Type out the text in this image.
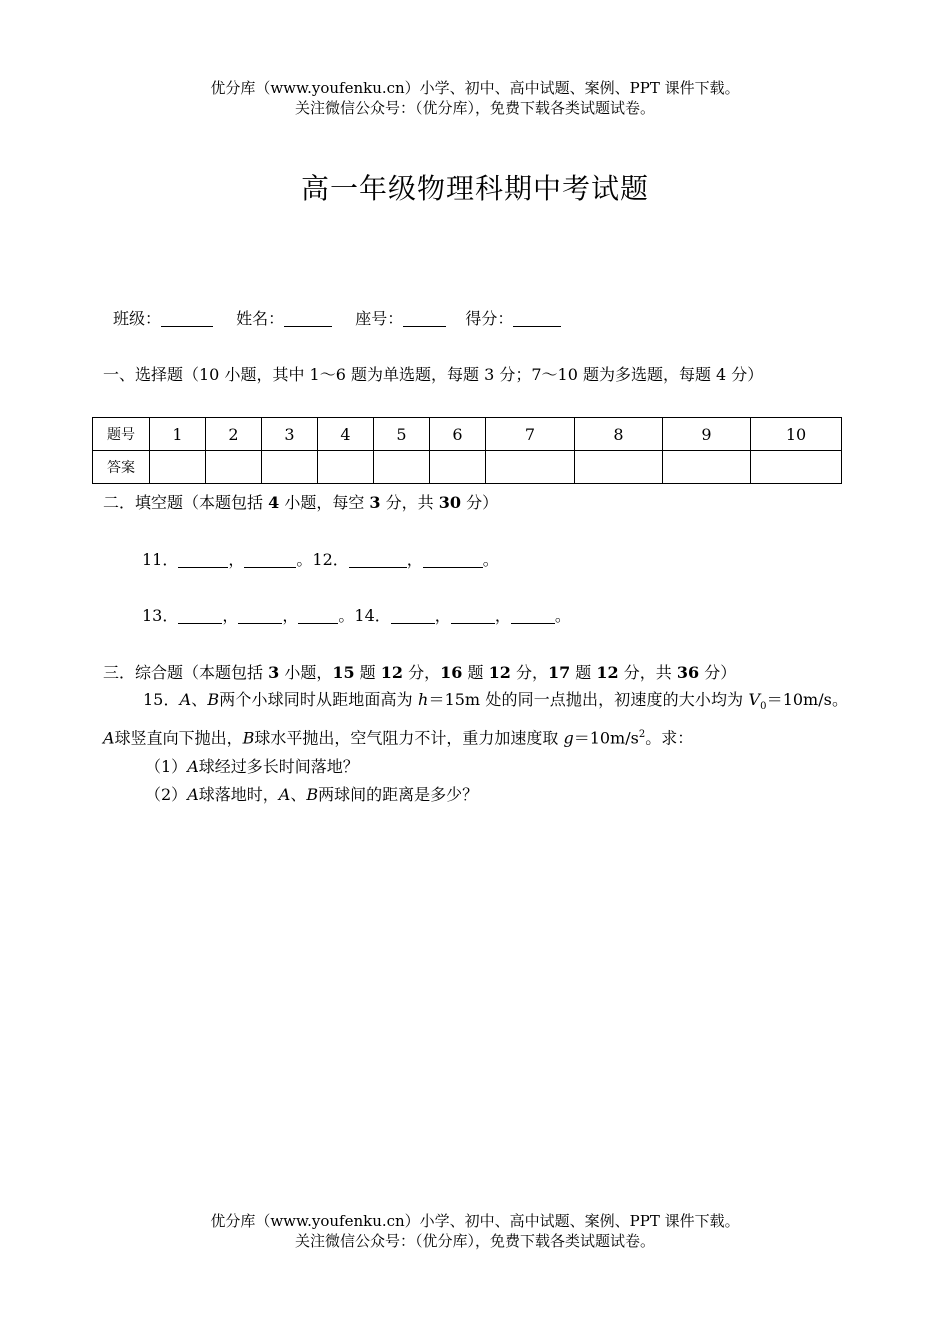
优分库（www.youfenku.cn）小学、初中、高中试题、案例、PPT 课件下载。
关注微信公众号：（优分库），免费下载各类试题试卷。
高一年级物理科期中考试题
班级：	姓名：	座号：	得分：
一、选择题（10 小题，其中 1～6 题为单选题，每题 3 分；7～10 题为多选题，每题 4 分）
题号	1	2	3	4	5	6	7	8	9	10
答案										
二．填空题（本题包括 4 小题，每空 3 分，共 30 分）
11．	，	。12．	，	。
13．	，	，	。14．	，	，	。
三．综合题（本题包括 3 小题，15 题 12 分，16 题 12 分，17 题 12 分，共 36 分）

15．A、B两个小球同时从距地面高为 h＝15m 处的同一点抛出，初速度的大小均为 $V_0=10m/s$。A球竖直向下抛出，B球水平抛出，空气阻力不计，重力加速度取 $g=10m/s^2$。求：

（1）A球经过多长时间落地？

（2）A球落地时，A、B两球间的距离是多少？

优分库（www.youfenku.cn）小学、初中、高中试题、案例、PPT 课件下载。
关注微信公众号：（优分库），免费下载各类试题试卷。
